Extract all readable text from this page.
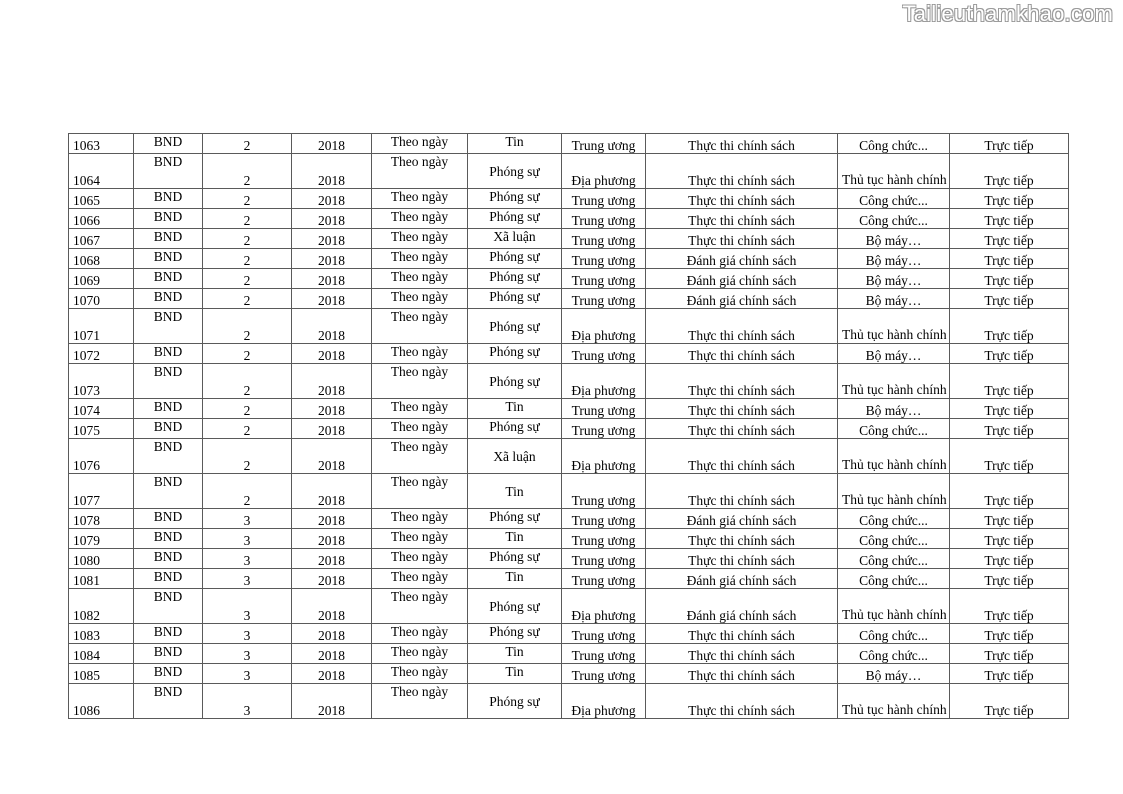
Tailieuthamkhao.com
1063	BND	2	2018	Theo ngày	Tin	Trung ương	Thực thi chính sách	Công chức...	Trực tiếp
1064	BND	2	2018	Theo ngày	Phóng sự	Địa phương	Thực thi chính sách	Thủ tục hành chính	Trực tiếp
1065	BND	2	2018	Theo ngày	Phóng sự	Trung ương	Thực thi chính sách	Công chức...	Trực tiếp
1066	BND	2	2018	Theo ngày	Phóng sự	Trung ương	Thực thi chính sách	Công chức...	Trực tiếp
1067	BND	2	2018	Theo ngày	Xã luận	Trung ương	Thực thi chính sách	Bộ máy…	Trực tiếp
1068	BND	2	2018	Theo ngày	Phóng sự	Trung ương	Đánh giá chính sách	Bộ máy…	Trực tiếp
1069	BND	2	2018	Theo ngày	Phóng sự	Trung ương	Đánh giá chính sách	Bộ máy…	Trực tiếp
1070	BND	2	2018	Theo ngày	Phóng sự	Trung ương	Đánh giá chính sách	Bộ máy…	Trực tiếp
1071	BND	2	2018	Theo ngày	Phóng sự	Địa phương	Thực thi chính sách	Thủ tục hành chính	Trực tiếp
1072	BND	2	2018	Theo ngày	Phóng sự	Trung ương	Thực thi chính sách	Bộ máy…	Trực tiếp
1073	BND	2	2018	Theo ngày	Phóng sự	Địa phương	Thực thi chính sách	Thủ tục hành chính	Trực tiếp
1074	BND	2	2018	Theo ngày	Tin	Trung ương	Thực thi chính sách	Bộ máy…	Trực tiếp
1075	BND	2	2018	Theo ngày	Phóng sự	Trung ương	Thực thi chính sách	Công chức...	Trực tiếp
1076	BND	2	2018	Theo ngày	Xã luận	Địa phương	Thực thi chính sách	Thủ tục hành chính	Trực tiếp
1077	BND	2	2018	Theo ngày	Tin	Trung ương	Thực thi chính sách	Thủ tục hành chính	Trực tiếp
1078	BND	3	2018	Theo ngày	Phóng sự	Trung ương	Đánh giá chính sách	Công chức...	Trực tiếp
1079	BND	3	2018	Theo ngày	Tin	Trung ương	Thực thi chính sách	Công chức...	Trực tiếp
1080	BND	3	2018	Theo ngày	Phóng sự	Trung ương	Thực thi chính sách	Công chức...	Trực tiếp
1081	BND	3	2018	Theo ngày	Tin	Trung ương	Đánh giá chính sách	Công chức...	Trực tiếp
1082	BND	3	2018	Theo ngày	Phóng sự	Địa phương	Đánh giá chính sách	Thủ tục hành chính	Trực tiếp
1083	BND	3	2018	Theo ngày	Phóng sự	Trung ương	Thực thi chính sách	Công chức...	Trực tiếp
1084	BND	3	2018	Theo ngày	Tin	Trung ương	Thực thi chính sách	Công chức...	Trực tiếp
1085	BND	3	2018	Theo ngày	Tin	Trung ương	Thực thi chính sách	Bộ máy…	Trực tiếp
1086	BND	3	2018	Theo ngày	Phóng sự	Địa phương	Thực thi chính sách	Thủ tục hành chính	Trực tiếp
